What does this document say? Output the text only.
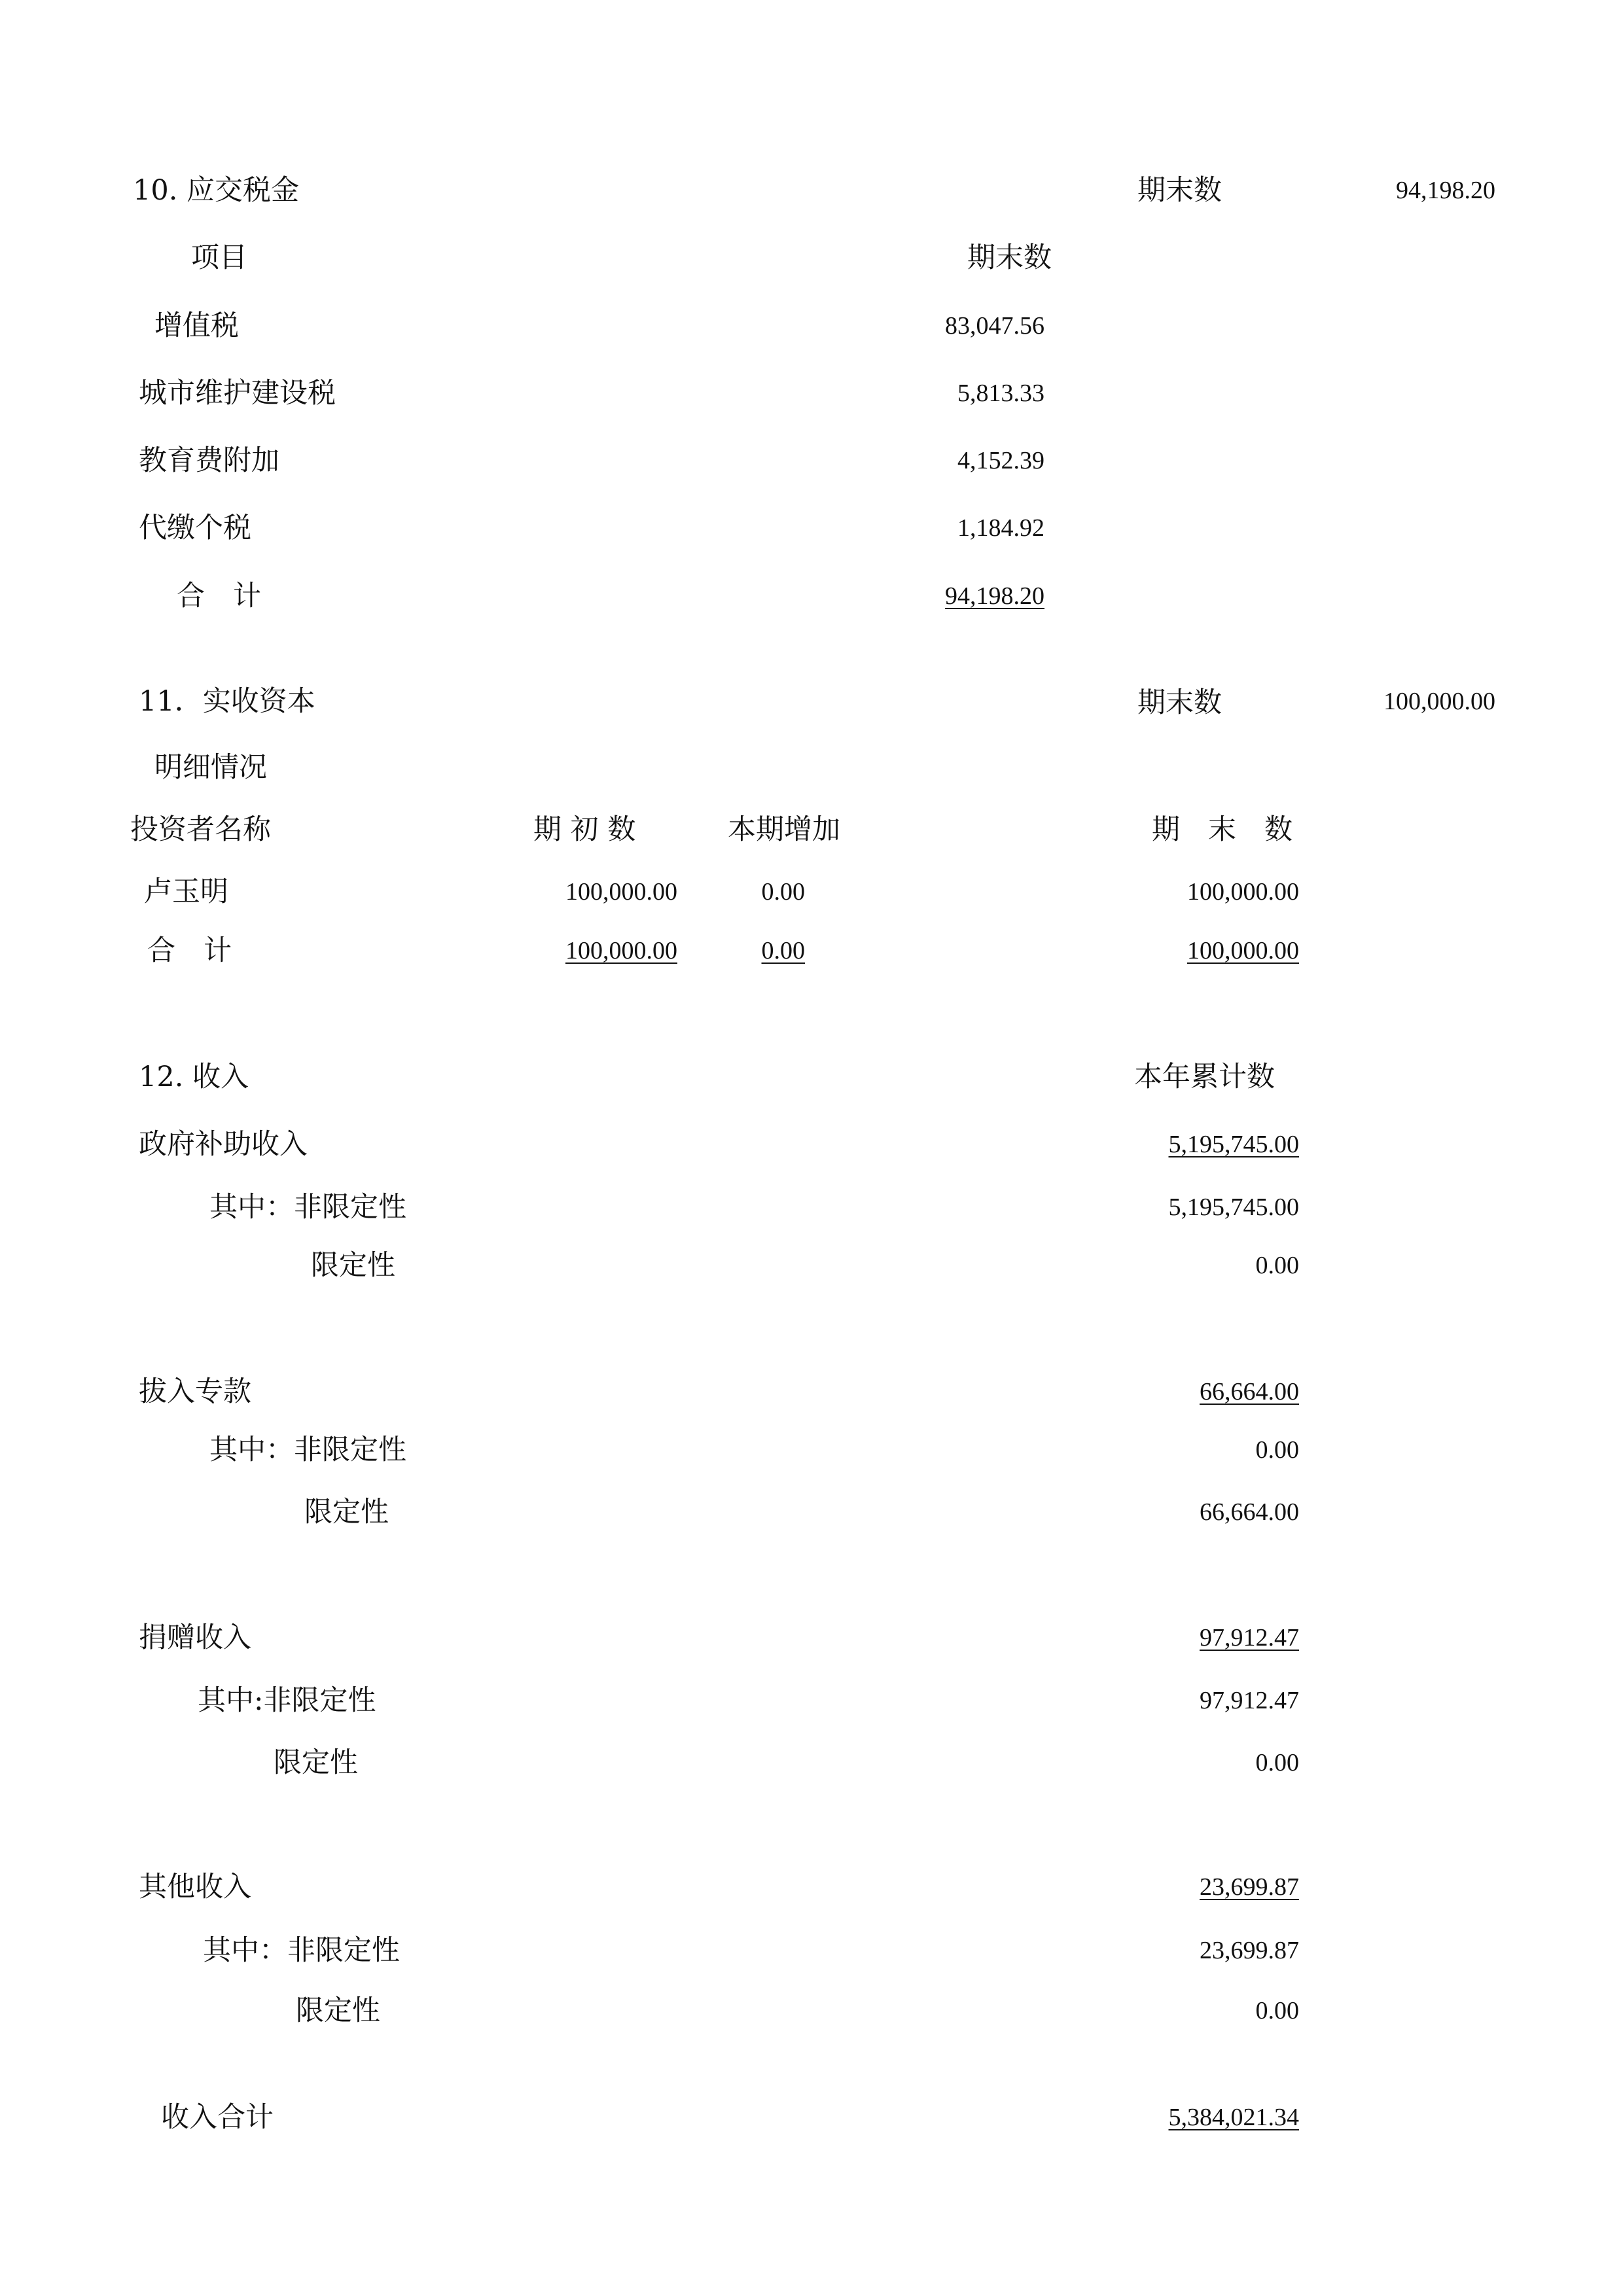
10. 应交税金	期末数	94,198.20
项目	期末数
增值税	83,047.56
城市维护建设税	5,813.33
教育费附加	4,152.39
代缴个税	1,184.92
合　计	94,198.20
11．实收资本	期末数	100,000.00
明细情况
投资者名称	期 初 数	本期增加	期　末　数
卢玉明	100,000.00	0.00	100,000.00
合　计	100,000.00	0.00	100,000.00
12. 收入	本年累计数
政府补助收入	5,195,745.00
其中：非限定性	5,195,745.00
限定性	0.00
拔入专款	66,664.00
其中：非限定性	0.00
限定性	66,664.00
捐赠收入	97,912.47
其中:非限定性	97,912.47
限定性	0.00
其他收入	23,699.87
其中：非限定性	23,699.87
限定性	0.00
收入合计	5,384,021.34
